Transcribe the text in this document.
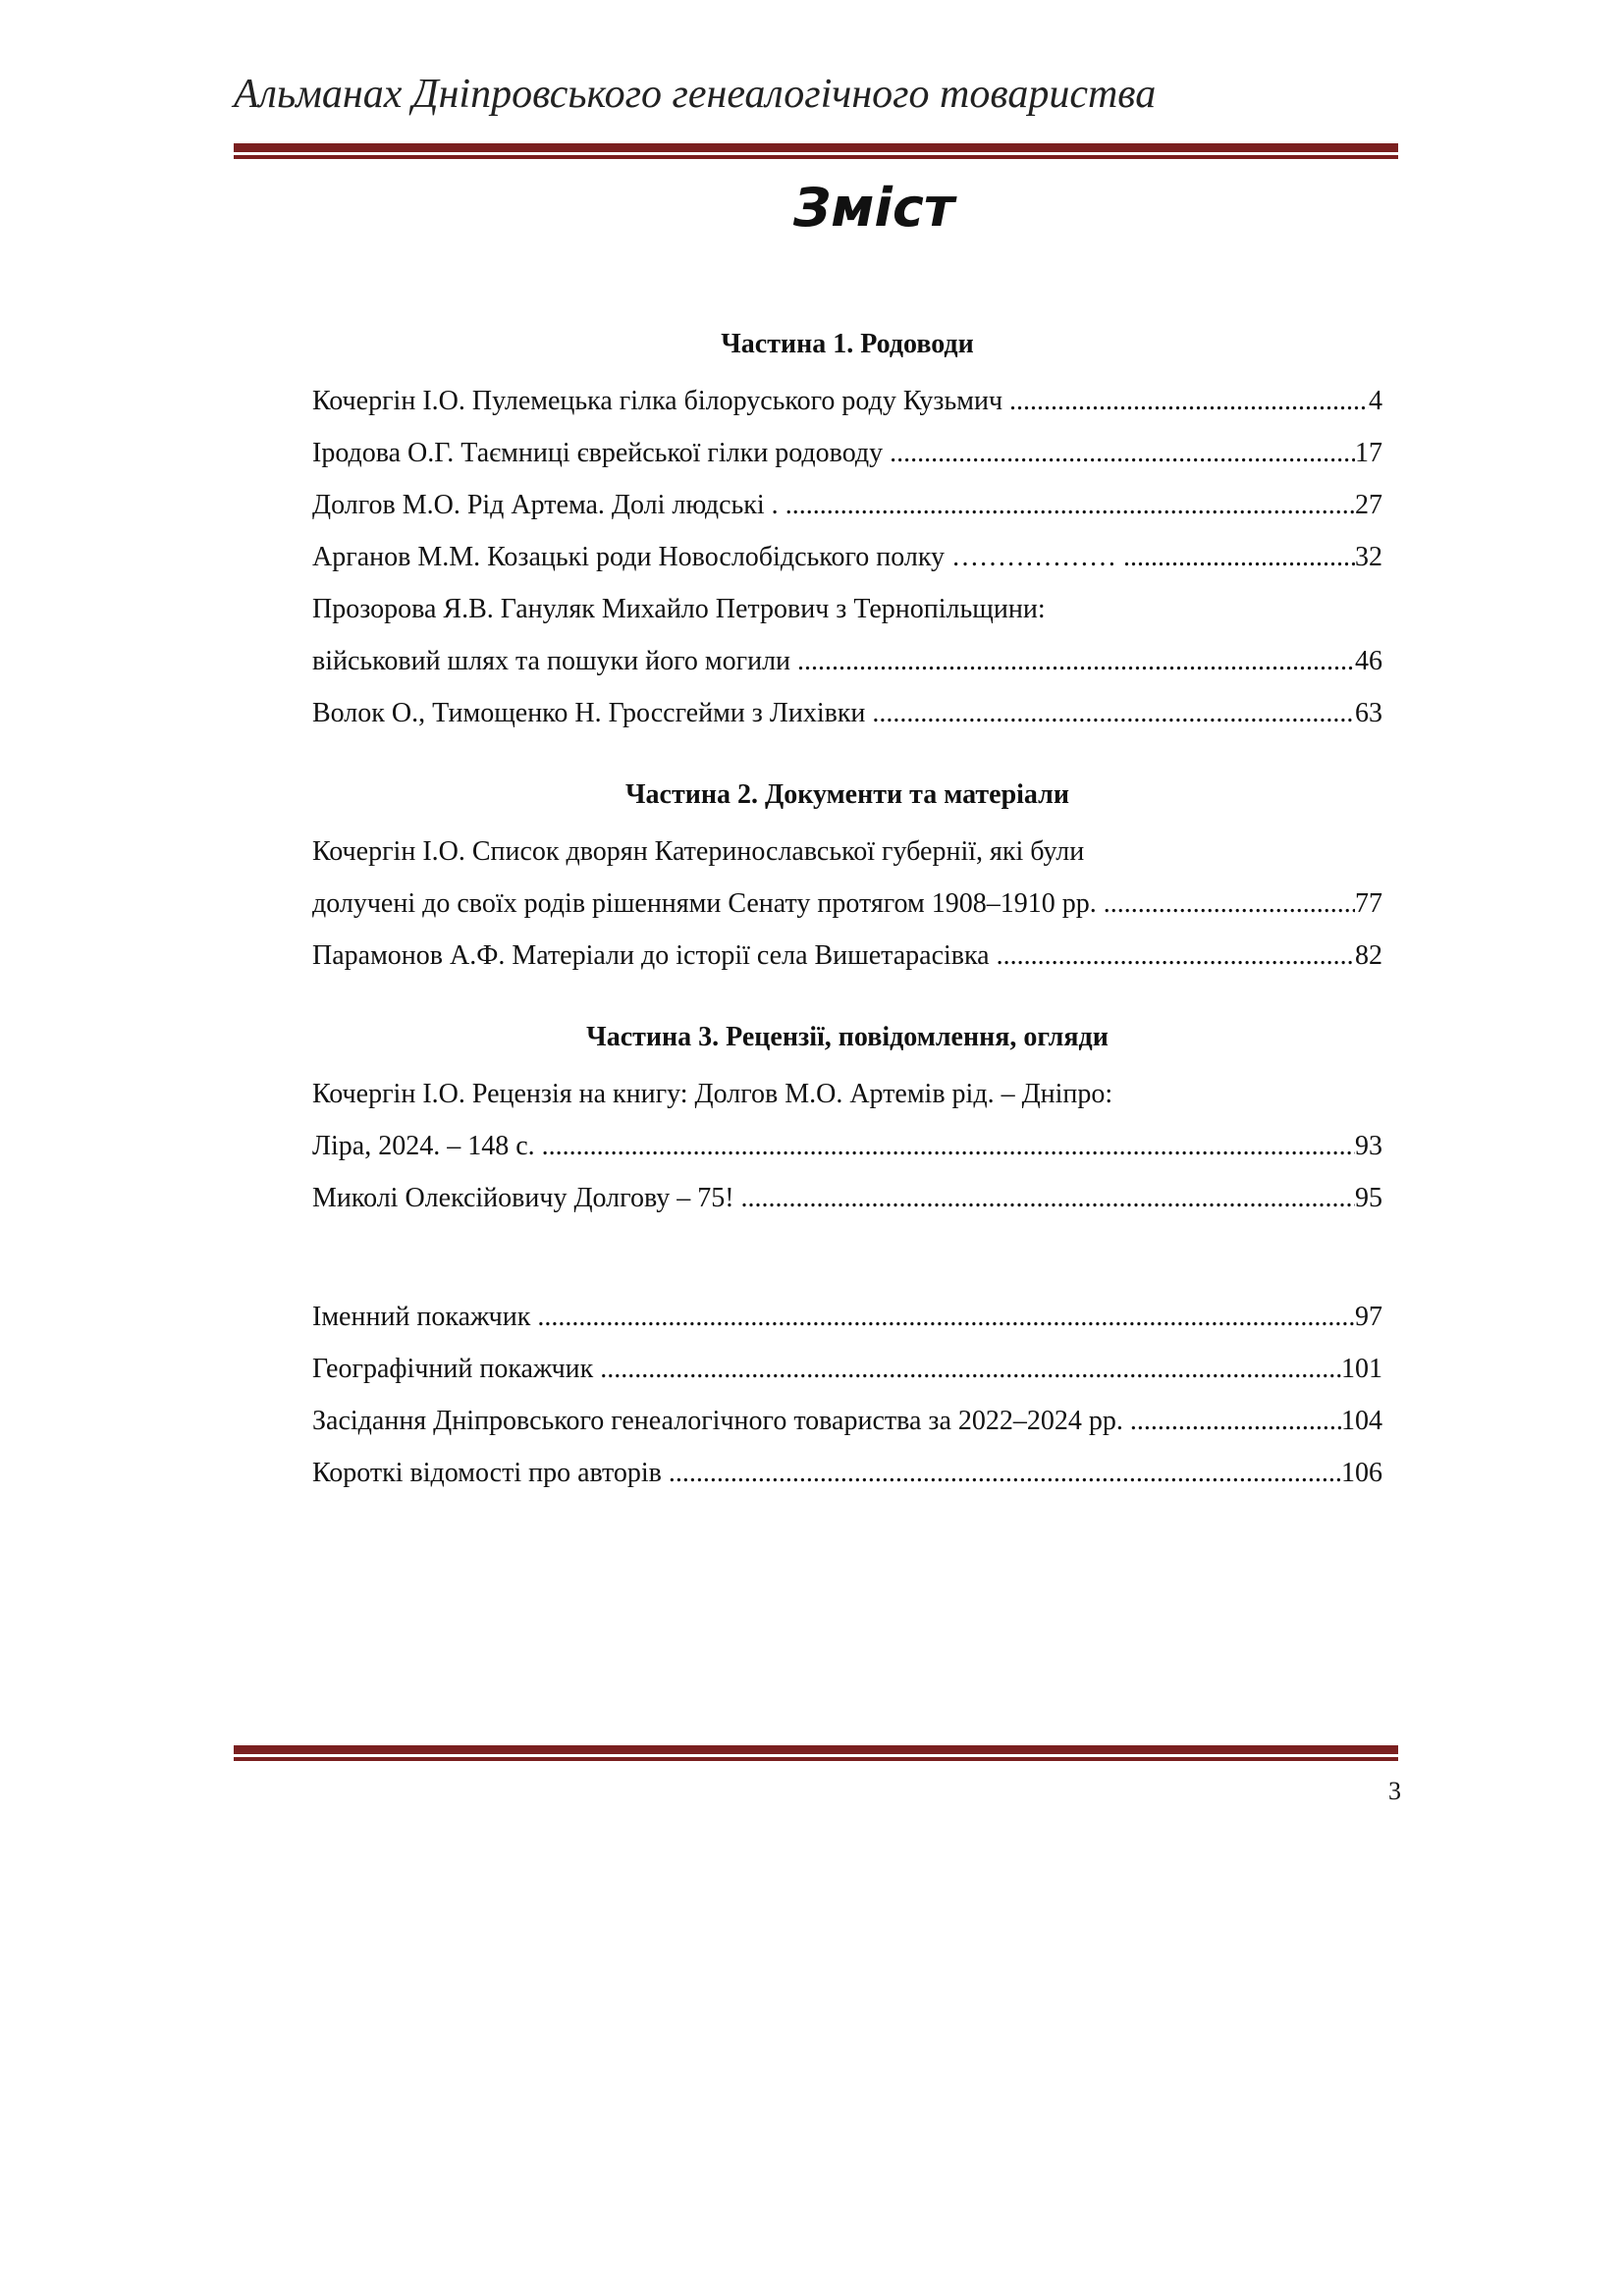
Альманах Дніпровського генеалогічного товариства
Зміст
Частина 1. Родоводи
Кочергін І.О. Пулемецька гілка білоруського роду Кузьмич .....	4
Іродова О.Г. Таємниці єврейської гілки родоводу .....	17
Долгов М.О. Рід Артема. Долі людські . .....	27
Арганов М.М. Козацькі роди Новослобідського полку ……………… .....	32
Прозорова Я.В. Гануляк Михайло Петрович з Тернопільщини:
військовий шлях та пошуки його могили .....	46
Волок О., Тимощенко Н. Гроссгейми з Лихівки .....	63
Частина 2. Документи та матеріали
Кочергін І.О. Список дворян Катеринославської губернії, які були
долучені до своїх родів рішеннями Сенату протягом 1908–1910 рр. .....	77
Парамонов А.Ф. Матеріали до історії села Вишетарасівка .....	82
Частина 3. Рецензії, повідомлення, огляди
Кочергін І.О. Рецензія на книгу: Долгов М.О. Артемів рід. – Дніпро:
Ліра, 2024. – 148 с. .....	93
Миколі Олексійовичу Долгову – 75! .....	95
Іменний покажчик .....	97
Географічний покажчик .....	101
Засідання Дніпровського генеалогічного товариства за 2022–2024 рр. .....	104
Короткі відомості про авторів .....	106
3
